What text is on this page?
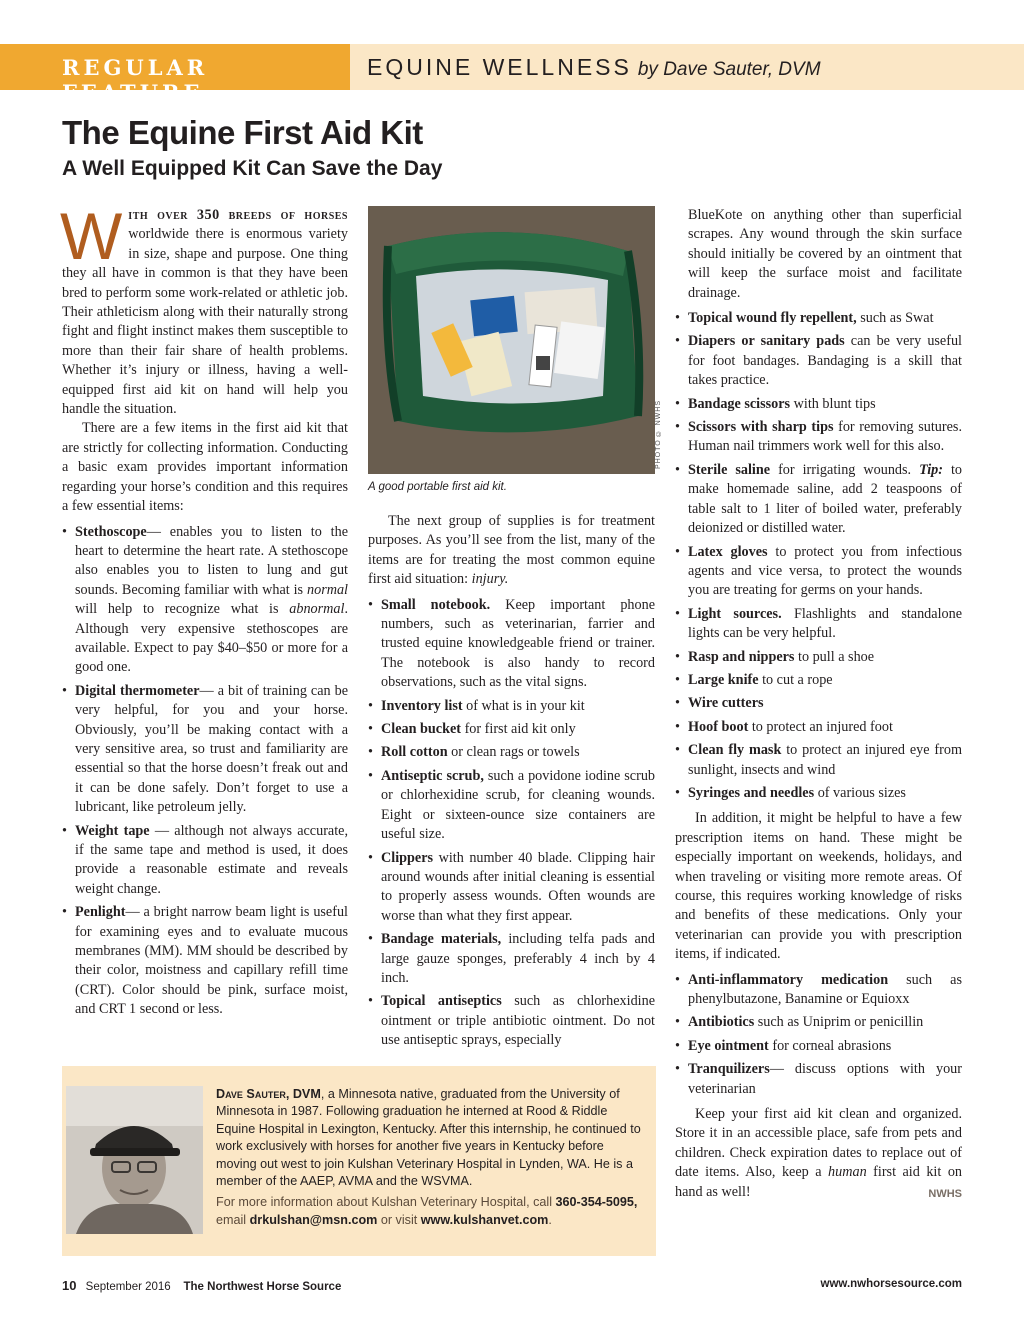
REGULAR FEATURE
EQUINE WELLNESS by Dave Sauter, DVM
The Equine First Aid Kit
A Well Equipped Kit Can Save the Day

With over 350 breeds of horses worldwide there is enormous variety in size, shape and purpose. One thing they all have in common is that they have been bred to perform some work-related or athletic job. Their athleticism along with their naturally strong fight and flight instinct makes them susceptible to more than their fair share of health problems. Whether it’s injury or illness, having a well-equipped first aid kit on hand will help you handle the situation.

There are a few items in the first aid kit that are strictly for collecting information. Conducting a basic exam provides important information regarding your horse’s condition and this requires a few essential items:

• Stethoscope— enables you to listen to the heart to determine the heart rate. A stethoscope also enables you to listen to lung and gut sounds. Becoming familiar with what is normal will help to recognize what is abnormal. Although very expensive stethoscopes are available. Expect to pay $40–$50 or more for a good one.
• Digital thermometer— a bit of training can be very helpful, for you and your horse. Obviously, you’ll be making contact with a very sensitive area, so trust and familiarity are essential so that the horse doesn’t freak out and it can be done safely. Don’t forget to use a lubricant, like petroleum jelly.
• Weight tape — although not always accurate, if the same tape and method is used, it does provide a reasonable estimate and reveals weight change.
• Penlight— a bright narrow beam light is useful for examining eyes and to evaluate mucous membranes (MM). MM should be described by their color, moistness and capillary refill time (CRT). Color should be pink, surface moist, and CRT 1 second or less.
PHOTO © NWHS
A good portable first aid kit.

The next group of supplies is for treatment purposes. As you’ll see from the list, many of the items are for treating the most common equine first aid situation: injury.

• Small notebook. Keep important phone numbers, such as veterinarian, farrier and trusted equine knowledgeable friend or trainer. The notebook is also handy to record observations, such as the vital signs.
• Inventory list of what is in your kit
• Clean bucket for first aid kit only
• Roll cotton or clean rags or towels
• Antiseptic scrub, such a povidone iodine scrub or chlorhexidine scrub, for cleaning wounds. Eight or sixteen-ounce size containers are useful size.
• Clippers with number 40 blade. Clipping hair around wounds after initial cleaning is essential to properly assess wounds. Often wounds are worse than what they first appear.
• Bandage materials, including telfa pads and large gauze sponges, preferably 4 inch by 4 inch.
• Topical antiseptics such as chlorhexidine ointment or triple antibiotic ointment. Do not use antiseptic sprays, especially

BlueKote on anything other than superficial scrapes. Any wound through the skin surface should initially be covered by an ointment that will keep the surface moist and facilitate drainage.

• Topical wound fly repellent, such as Swat
• Diapers or sanitary pads can be very useful for foot bandages. Bandaging is a skill that takes practice.
• Bandage scissors with blunt tips
• Scissors with sharp tips for removing sutures. Human nail trimmers work well for this also.
• Sterile saline for irrigating wounds. Tip: to make homemade saline, add 2 teaspoons of table salt to 1 liter of boiled water, preferably deionized or distilled water.
• Latex gloves to protect you from infectious agents and vice versa, to protect the wounds you are treating for germs on your hands.
• Light sources. Flashlights and standalone lights can be very helpful.
• Rasp and nippers to pull a shoe
• Large knife to cut a rope
• Wire cutters
• Hoof boot to protect an injured foot
• Clean fly mask to protect an injured eye from sunlight, insects and wind
• Syringes and needles of various sizes

In addition, it might be helpful to have a few prescription items on hand. These might be especially important on weekends, holidays, and when traveling or visiting more remote areas. Of course, this requires working knowledge of risks and benefits of these medications. Only your veterinarian can provide you with prescription items, if indicated.

• Anti-inflammatory medication such as phenylbutazone, Banamine or Equioxx
• Antibiotics such as Uniprim or penicillin
• Eye ointment for corneal abrasions
• Tranquilizers— discuss options with your veterinarian

Keep your first aid kit clean and organized. Store it in an accessible place, safe from pets and children. Check expiration dates to replace out of date items. Also, keep a human first aid kit on hand as well!	NWHS

Dave Sauter, DVM, a Minnesota native, graduated from the University of Minnesota in 1987. Following graduation he interned at Rood & Riddle Equine Hospital in Lexington, Kentucky. After this internship, he continued to work exclusively with horses for another five years in Kentucky before moving out west to join Kulshan Veterinary Hospital in Lynden, WA. He is a member of the AAEP, AVMA and the WSVMA.

For more information about Kulshan Veterinary Hospital, call 360-354-5095, email drkulshan@msn.com or visit www.kulshanvet.com.

10 September 2016 The Northwest Horse Source	www.nwhorsesource.com
